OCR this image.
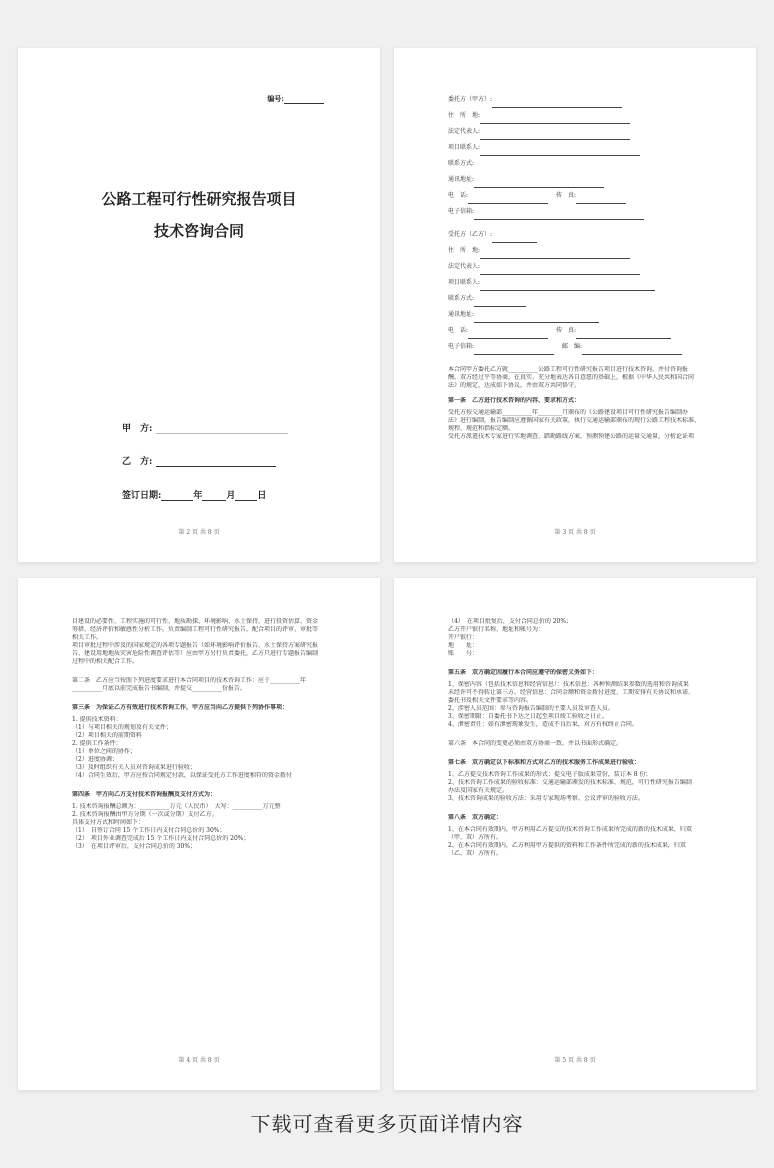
编号:
公路工程可行性研究报告项目
技术咨询合同
甲　方:
乙　方:
签订日期:	年	月 日
第 2 页 共 8 页
委托方（甲方）:
住　所　地:
法定代表人:
项目联系人:
联系方式:
通讯地址:
电　话:	传　真:
电子信箱:
受托方（乙方）:
住　所　地:
法定代表人:
项目联系人:
联系方式:
通讯地址:
电　话:	传　真:
电子信箱:	邮　编:
本合同甲方委托乙方就__________公路工程可行性研究报告项目进行技术咨询，并付咨询报
酬。双方经过平等协商，在真实、充分地表达各自意愿的基础上，根据《中华人民共和国合同
法》的规定，达成如下协议，并由双方共同恪守。
第一条　乙方进行技术咨询的内容、要求和方式：
受托方按交通运输部__________年________月颁布的《公路建设项目可行性研究报告编制办
法》进行编制，报告编制应遵循国家有关政策，执行交通运输部颁布的现行公路工程技术标准、
规程、规范和指标定额。
受托方派遣技术专家进行实地调查、踏勘路线方案、预测预建公路的运量交通量，分析论证项
第 3 页 共 8 页
目建设的必要性、工程实施的可行性、地质勘探、环境影响、水土保持，进行投资估算、资金
筹措、经济评价和敏感性分析工作。负责编制工程可行性研究报告，配合项目的评审、审批等
相关工作。
项目审批过程中涉及的国家规定的各项专题报告（如环境影响评价报告、水土保持方案研究报
告、建设用地地质灾害危险性调查评估等）应由甲方另行负责委托，乙方只进行专题报告编制
过程中的相关配合工作。
第二条　乙方应当按照下列进度要求进行本合同项目的技术咨询工作：应于__________年
__________月底以前完成报告书编制，并提交__________份报告。
第三条　为保证乙方有效进行技术咨询工作，甲方应当向乙方提供下列协作事项：
1. 提供技术资料：
（1）与项目相关的规划及有关文件；
（2）项目相关的前期资料
2. 提供工作条件：
（1）单位之间的协作；
（2）进度协调；
（3）及时组织有关人员对咨询成果进行验收；
（4）合同生效后，甲方应按合同规定付款，以保证受托方工作进度相符的资金拨付
第四条　甲方向乙方支付技术咨询报酬及支付方式为：
1. 技术咨询报酬总额为：__________万元（人民币）　大写：__________万元整
2. 技术咨询报酬由甲方分期（一次或分期）支付乙方。
具体支付方式和时间如下：
（1）　自签订合同 15 个工作日内支付合同总价的 30%；
（2）　项目外业调查完成后 15 个工作日内支付合同总价的 20%；
（3）　在项目评审后，支付合同总价的 30%；
第 4 页 共 8 页
（4）　在项目批复后，支付合同总价的 20%；
乙方开户银行名称、地址和帐号为：
开户银行：
地　　址：
账　　号：
第五条　双方确定因履行本合同应遵守的保密义务如下：
1、保密内容（包括技术信息和经营信息）：技术信息：各种预测结果参数的选用和咨询成果
未经许可不得转让第三方。经营信息：合同金额和资金拨付进度、工期安排有关协议和承诺、
委托书及相关文件要求等内容。
2、涉密人员范围：参与咨询报告编制的主要人员及审查人员。
3、保密期限：自委托书下达之日起至项目竣工验收之日止。
4、泄密责任：如有泄密现象发生，造成不良后果，对方有权终止合同。
第六条　本合同的变更必须由双方协商一致，并以书面形式确定。
第七条　双方确定以下标准和方式对乙方的技术服务工作成果进行验收：
1、乙方提交技术咨询工作成果的形式：提交电子版成果壹份，装订本 8 份；
2、技术咨询工作成果的验收标准：交通运输部颁发的技术标准、规范，可行性研究报告编制
办法及国家有关规定。
3、技术咨询成果的验收方法：采用专家现场考察、会议评审的验收方法。
第八条　双方确定：
1、在本合同有效期内，甲方利用乙方提交的技术咨询工作成果所完成的新的技术成果，归双
（甲、双）方所有。
2、在本合同有效期内，乙方利用甲方提供的资料和工作条件所完成的新的技术成果，归双
（乙、双）方所有。
第 5 页 共 8 页
下载可查看更多页面详情内容
